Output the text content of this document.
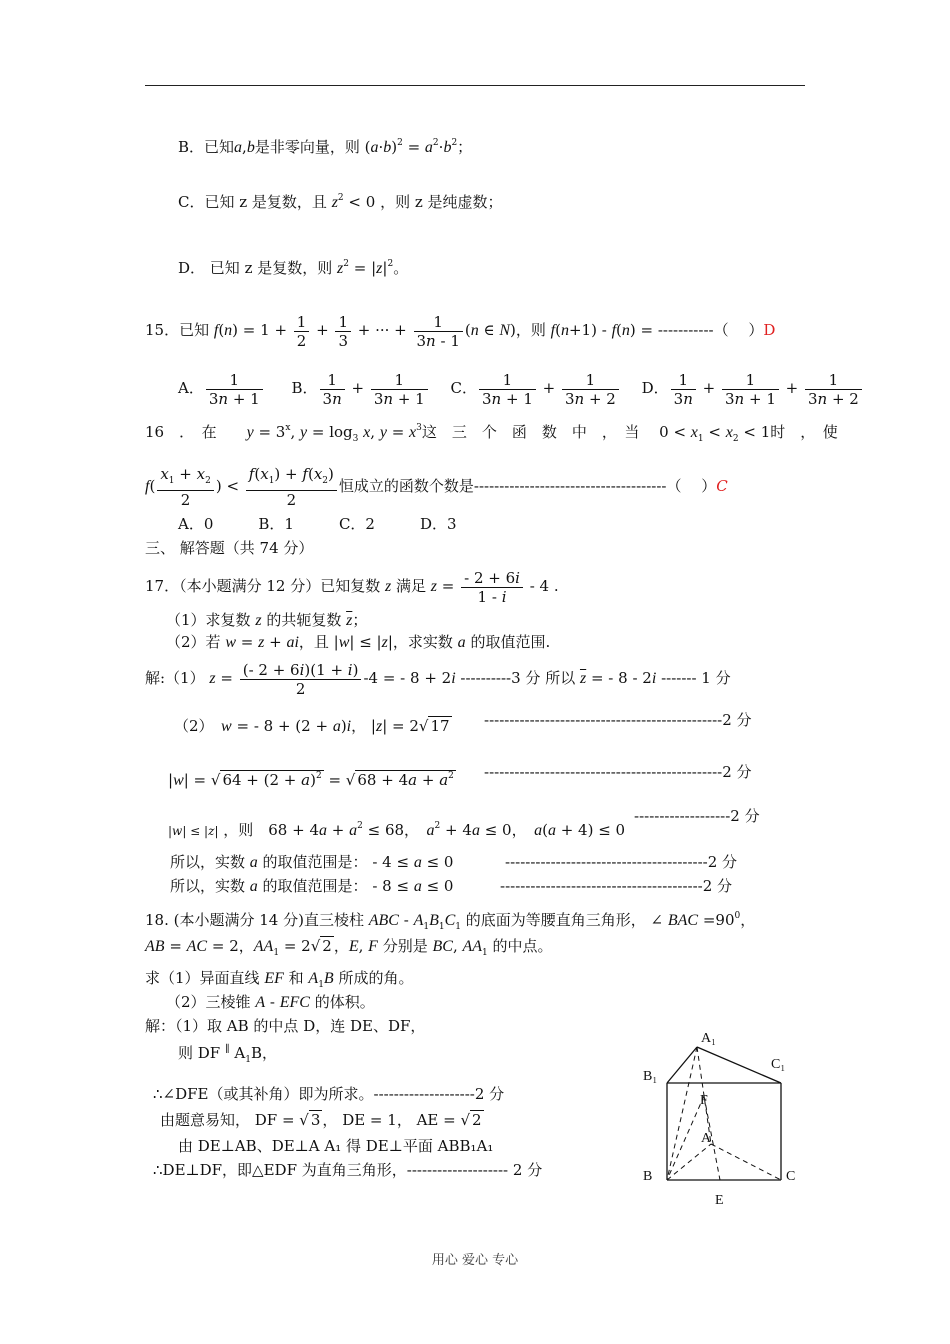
B．已知a,b是非零向量，则 $(a\cdot b)^2 = a^2\cdot b^2$；
C．已知 z 是复数，且 $z^2 < 0$ ，则 z 是纯虚数；
D． 已知 z 是复数，则 $z^2 = |z|^2$。
15．已知 $f(n) = 1 + \frac{1}{2} + \frac{1}{3}$ + ··· + $\frac{1}{3n - 1} (n$ ∈ N)，则 f(n+1) - f(n) = -----------（　 ）D
A． $\frac{1}{3n + 1}$ B． $\frac{1}{3n} + \frac{1}{3n + 1}$ C． $\frac{1}{3n + 1} + \frac{1}{3n + 2}$ D． $\frac{1}{3n} + \frac{1}{3n + 1} + \frac{1}{3n + 2}$
16　．　在　　$y = 3^x$, $y = \log_3 x$, $y = x^3$这　三　个　函　数　中　，　当　 $0 < x_1 < x_2 < 1$时　，　使
$f( \frac{x_1 + x_2}{2}$ ) < $\frac{f(x_1) + f(x_2)}{2}$ 恒成立的函数个数是--------------------------------------（　 ）C
A．0　　　B．1　　　C．2　　　D．3
三、 解答题（共 74 分）
17．（本小题满分 12 分）已知复数 z 满足 $z = \frac{- 2 + 6i}{1 - i} - 4$ .
（1）求复数 z 的共轭复数 $\overline{z}$；
（2）若 w = z + ai，且 |w| ≤ |z|，求实数 a 的取值范围.
解:（1） $z = \frac{(- 2 + 6i)(1 + i)}{2} -4$ = - 8 + 2i ----------3 分 所以 $\overline{z}$ = - 8 - 2i ------- 1 分
（2）　w = - 8 + (2 + a)i， |z| = 2√ 17 -----------------------------------------------2 分
|w| = √ $64 + (2 + a)^2$ = √ $68 + 4a + a^2$ -----------------------------------------------2 分
|w| ≤ |z| ，则　$68 + 4a + a^2 \le 68$，　$a^2 + 4a \le 0$，　a(a + 4) ≤ 0
-------------------2 分
所以，实数 a 的取值范围是： - 4 ≤ a ≤ 0	----------------------------------------2 分
所以，实数 a 的取值范围是： - 8 ≤ a ≤ 0	----------------------------------------2 分
18. (本小题满分 14 分)直三棱柱 ABC - $A_1B_1C_1$ 的底面为等腰直角三角形， ∠ BAC $=90^0$，
AB = AC = 2，$AA_1 = 2√$ 2 ，E, F 分别是 BC, $AA_1$ 的中点。
求（1）异面直线 EF 和 $A_1B$ 所成的角。
（2）三棱锥 A - EFC 的体积。
解：（1）取 AB 的中点 D，连 DE、DF，
则 DF ∥ $A_1B$，
∴∠DFE（或其补角）即为所求。--------------------2 分
由题意易知， DF = √ 3 ， DE = 1， AE = √ 2
由 DE⊥AB、DE⊥A A₁ 得 DE⊥平面 ABB₁A₁
∴DE⊥DF，即△EDF 为直角三角形，-------------------- 2 分
A₁
B₁
C₁
F
A
B	C
E
用心 爱心 专心
